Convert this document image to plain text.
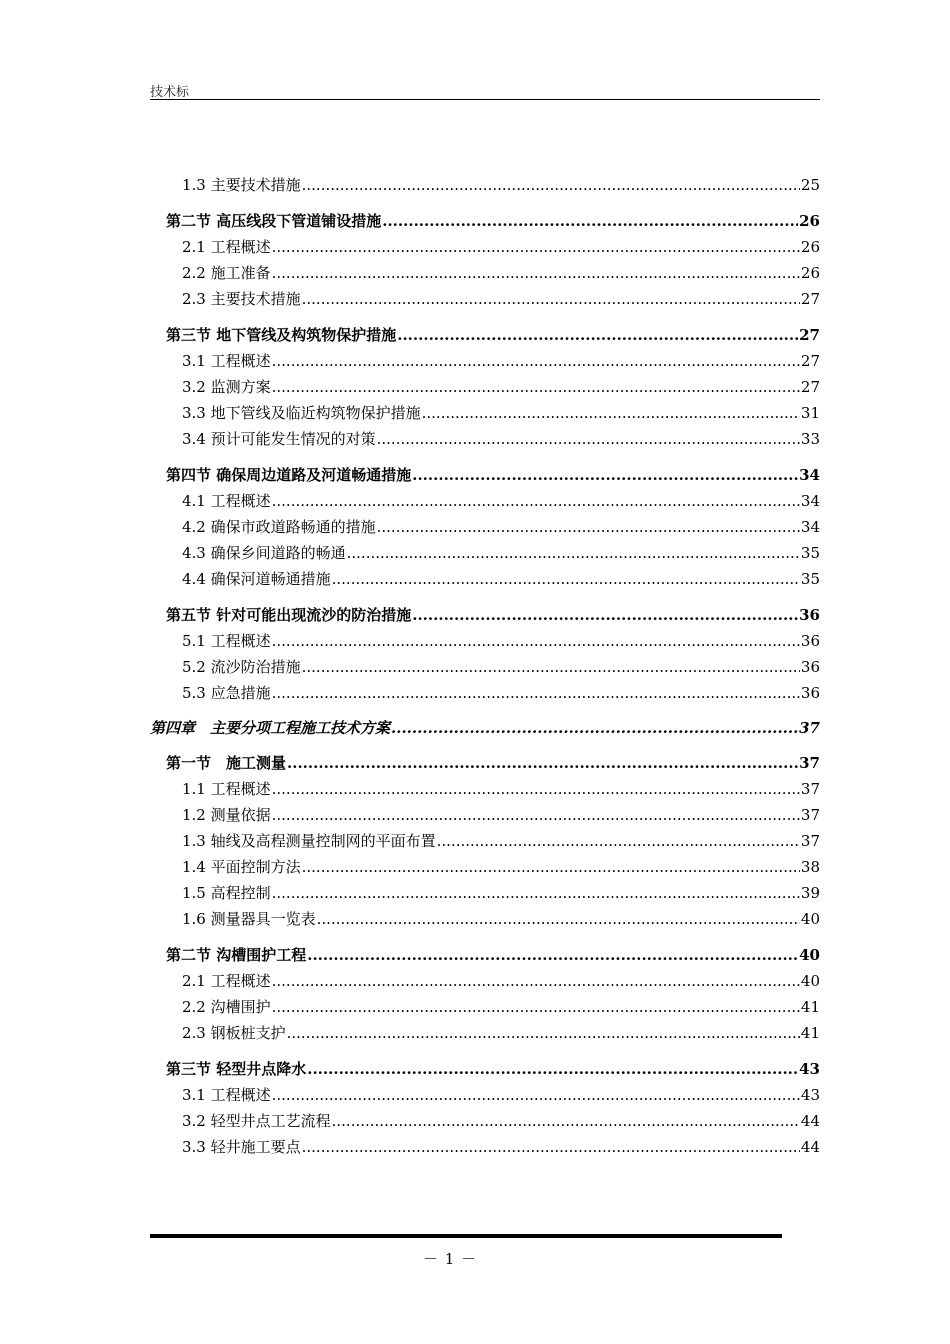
技术标
1.3 主要技术措施 .....	25
第二节 高压线段下管道铺设措施 .....	26
2.1 工程概述 .....	26
2.2 施工准备 .....	26
2.3 主要技术措施 .....	27
第三节 地下管线及构筑物保护措施 .....	27
3.1 工程概述 .....	27
3.2 监测方案 .....	27
3.3 地下管线及临近构筑物保护措施 .....	31
3.4 预计可能发生情况的对策 .....	33
第四节 确保周边道路及河道畅通措施 .....	34
4.1 工程概述 .....	34
4.2 确保市政道路畅通的措施 .....	34
4.3 确保乡间道路的畅通 .....	35
4.4 确保河道畅通措施 .....	35
第五节 针对可能出现流沙的防治措施 .....	36
5.1 工程概述 .....	36
5.2 流沙防治措施 .....	36
5.3 应急措施 .....	36
第四章　主要分项工程施工技术方案 .....	37
第一节　施工测量 .....	37
1.1 工程概述 .....	37
1.2 测量依据 .....	37
1.3 轴线及高程测量控制网的平面布置 .....	37
1.4 平面控制方法 .....	38
1.5 高程控制 .....	39
1.6 测量器具一览表 .....	40
第二节 沟槽围护工程 .....	40
2.1 工程概述 .....	40
2.2 沟槽围护 .....	41
2.3 钢板桩支护 .....	41
第三节 轻型井点降水 .....	43
3.1 工程概述 .....	43
3.2 轻型井点工艺流程 .....	44
3.3 轻井施工要点 .....	44
－ 1 －
